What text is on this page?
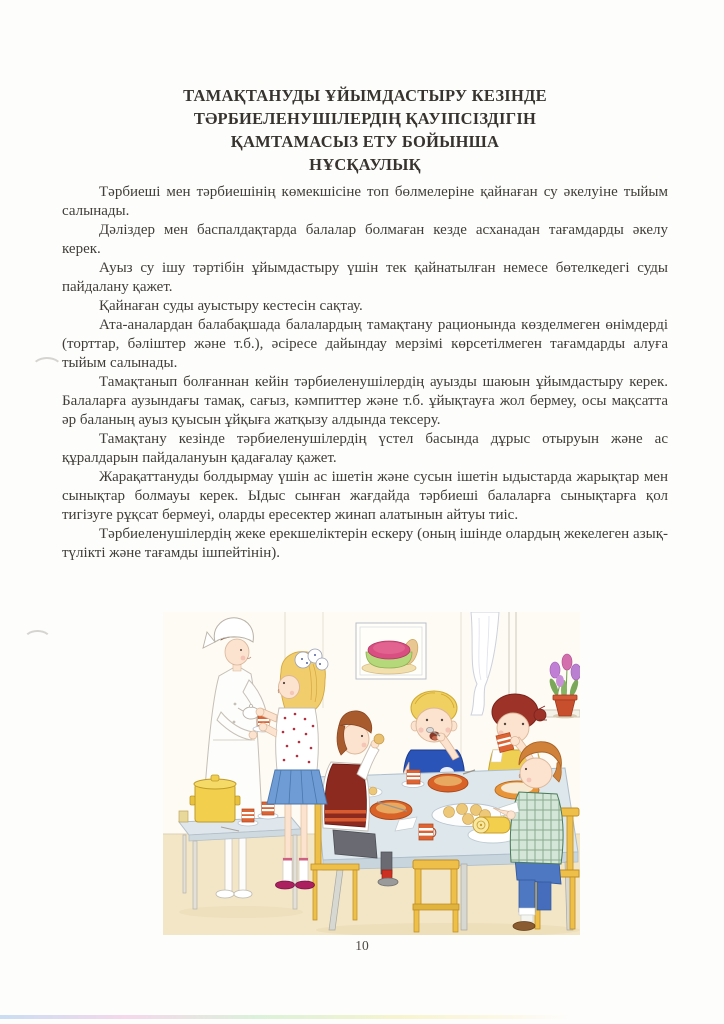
ТАМАҚТАНУДЫ ҰЙЫМДАСТЫРУ КЕЗІНДЕ
ТӘРБИЕЛЕНУШІЛЕРДІҢ ҚАУІПСІЗДІГІН
ҚАМТАМАСЫЗ ЕТУ БОЙЫНША
НҰСҚАУЛЫҚ

Тәрбиеші мен тәрбиешінің көмекшісіне топ бөлмелеріне қайнаған су әкелуіне тыйым салынады.

Дәліздер мен баспалдақтарда балалар болмаған кезде асханадан тағамдарды әкелу керек.

Ауыз су ішу тәртібін ұйымдастыру үшін тек қайнатылған немесе бөтелкедегі суды пайдалану қажет.

Қайнаған суды ауыстыру кестесін сақтау.

Ата-аналардан балабақшада балалардың тамақтану рационында көзделмеген өнімдерді (торттар, бәліштер және т.б.), әсіресе дайындау мерзімі көрсетілмеген тағамдарды алуға тыйым салынады.

Тамақтанып болғаннан кейін тәрбиеленушілердің ауызды шаюын ұйымдастыру керек. Балаларға аузындағы тамақ, сағыз, кәмпиттер және т.б. ұйықтауға жол бермеу, осы мақсатта әр баланың ауыз қуысын ұйқыға жатқызу алдында тексеру.

Тамақтану кезінде тәрбиеленушілердің үстел басында дұрыс отыруын және ас құралдарын пайдалануын қадағалау қажет.

Жарақаттануды болдырмау үшін ас ішетін және сусын ішетін ыдыстарда жарықтар мен сынықтар болмауы керек. Ыдыс сынған жағдайда тәрбиеші балаларға сынықтарға қол тигізуге рұқсат бермеуі, оларды ересектер жинап алатынын айтуы тиіс.

Тәрбиеленушілердің жеке ерекшеліктерін ескеру (оның ішінде олардың жекелеген азық-түлікті және тағамды ішпейтінін).

10
